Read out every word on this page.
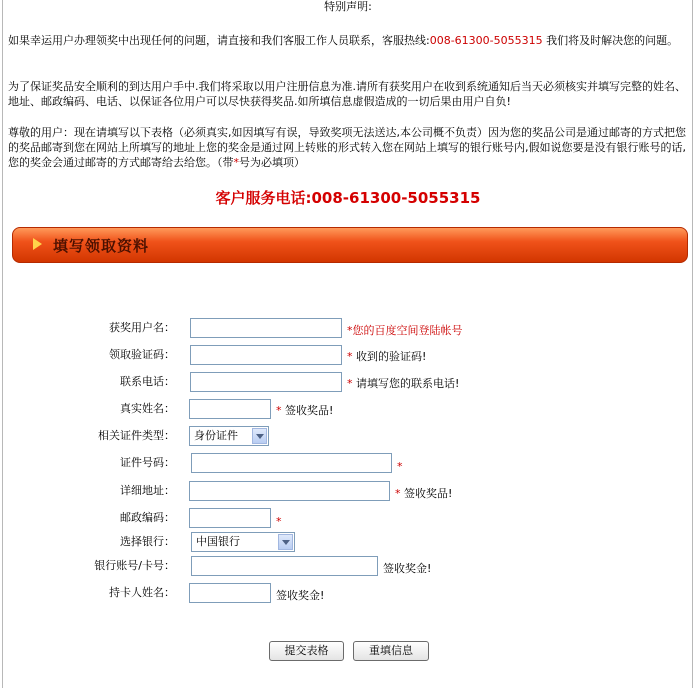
特别声明:
如果幸运用户办理领奖中出现任何的问题，请直接和我们客服工作人员联系，客服热线:008-61300-5055315 我们将及时解决您的问题。
为了保证奖品安全顺利的到达用户手中.我们将采取以用户注册信息为准.请所有获奖用户在收到系统通知后当天必须核实并填写完整的姓名、地址、邮政编码、电话、以保证各位用户可以尽快获得奖品.如所填信息虚假造成的一切后果由用户自负!
尊敬的用户：现在请填写以下表格（必须真实,如因填写有误，导致奖项无法送达,本公司概不负责）因为您的奖品公司是通过邮寄的方式把您的奖品邮寄到您在网站上所填写的地址上您的奖金是通过网上转账的形式转入您在网站上填写的银行账号内,假如说您要是没有银行账号的话,您的奖金会通过邮寄的方式邮寄给去给您。（带*号为必填项）
客户服务电话:008-61300-5055315
填写领取资料
获奖用户名：	*您的百度空间登陆帐号
领取验证码：	* 收到的验证码!
联系电话：	* 请填写您的联系电话!
真实姓名：	* 签收奖品!
相关证件类型：	身份证件
证件号码：	*
详细地址：	* 签收奖品!
邮政编码：	*
选择银行：	中国银行
银行账号/卡号：	签收奖金!
持卡人姓名：	签收奖金!
提交表格	重填信息
